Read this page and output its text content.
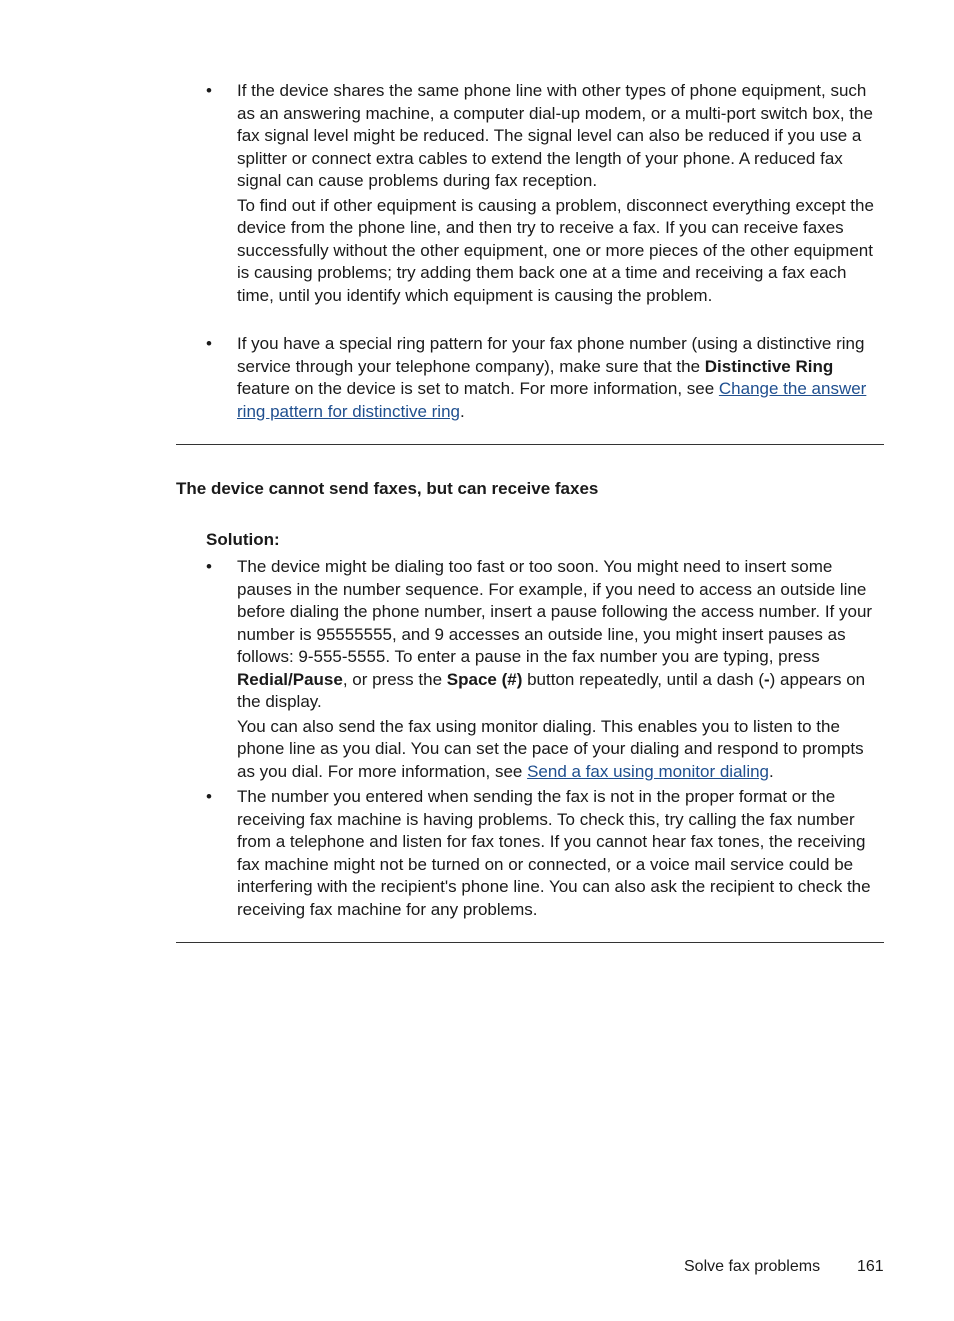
• If the device shares the same phone line with other types of phone equipment, such as an answering machine, a computer dial-up modem, or a multi-port switch box, the fax signal level might be reduced. The signal level can also be reduced if you use a splitter or connect extra cables to extend the length of your phone. A reduced fax signal can cause problems during fax reception.

To find out if other equipment is causing a problem, disconnect everything except the device from the phone line, and then try to receive a fax. If you can receive faxes successfully without the other equipment, one or more pieces of the other equipment is causing problems; try adding them back one at a time and receiving a fax each time, until you identify which equipment is causing the problem.

• If you have a special ring pattern for your fax phone number (using a distinctive ring service through your telephone company), make sure that the Distinctive Ring feature on the device is set to match. For more information, see Change the answer ring pattern for distinctive ring.

The device cannot send faxes, but can receive faxes
Solution:
• The device might be dialing too fast or too soon. You might need to insert some pauses in the number sequence. For example, if you need to access an outside line before dialing the phone number, insert a pause following the access number. If your number is 95555555, and 9 accesses an outside line, you might insert pauses as follows: 9-555-5555. To enter a pause in the fax number you are typing, press Redial/Pause, or press the Space (#) button repeatedly, until a dash (-) appears on the display.

You can also send the fax using monitor dialing. This enables you to listen to the phone line as you dial. You can set the pace of your dialing and respond to prompts as you dial. For more information, see Send a fax using monitor dialing.

• The number you entered when sending the fax is not in the proper format or the receiving fax machine is having problems. To check this, try calling the fax number from a telephone and listen for fax tones. If you cannot hear fax tones, the receiving fax machine might not be turned on or connected, or a voice mail service could be interfering with the recipient's phone line. You can also ask the recipient to check the receiving fax machine for any problems.

Solve fax problems 161
